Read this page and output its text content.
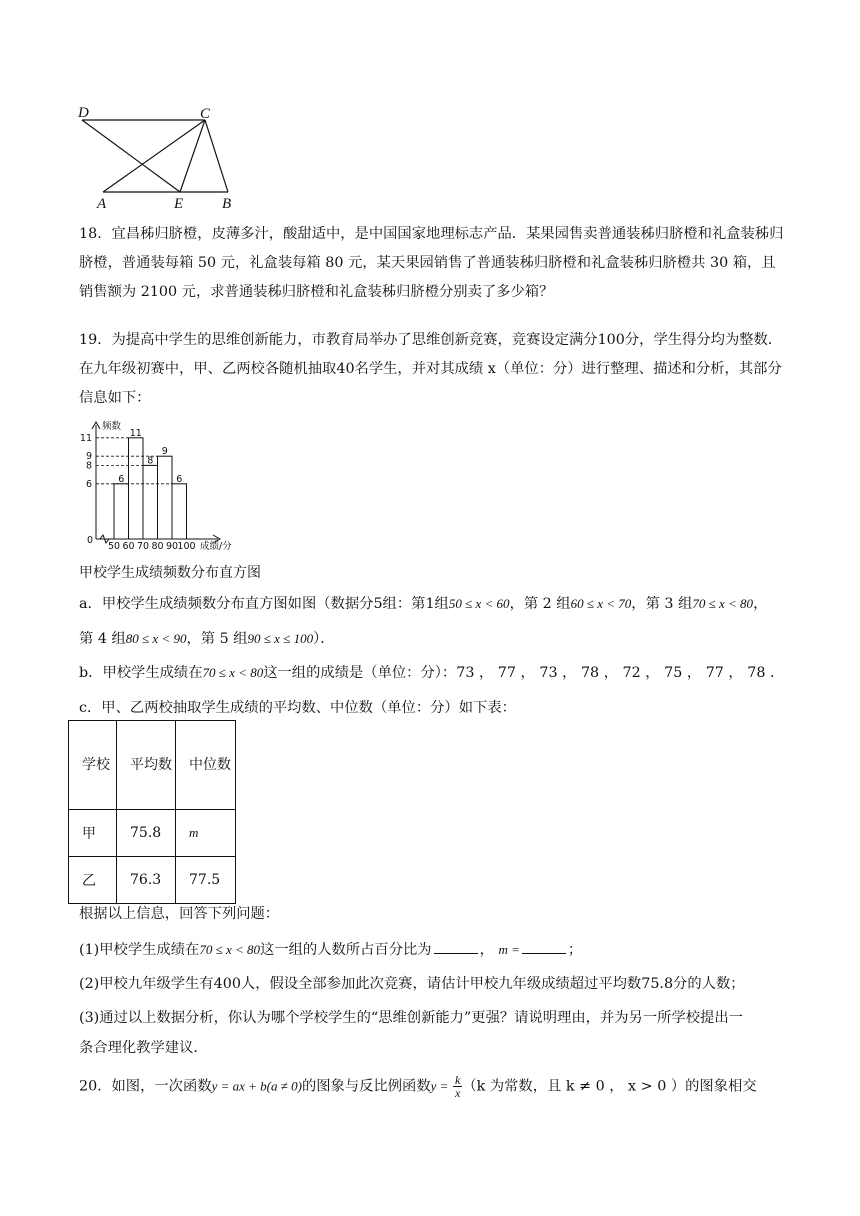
D	C
A	E	B
18．宜昌秭归脐橙，皮薄多汁，酸甜适中，是中国国家地理标志产品．某果园售卖普通装秭归脐橙和礼盒装秭归脐橙，普通装每箱 50 元，礼盒装每箱 80 元，某天果园销售了普通装秭归脐橙和礼盒装秭归脐橙共 30 箱，且销售额为 2100 元，求普通装秭归脐橙和礼盒装秭归脐橙分别卖了多少箱？
19．为提高中学生的思维创新能力，市教育局举办了思维创新竞赛，竞赛设定满分100分，学生得分均为整数．在九年级初赛中，甲、乙两校各随机抽取40名学生，并对其成绩 x（单位：分）进行整理、描述和分析，其部分信息如下：
频数
成绩/分
0
6
11
8
9
6
6
8
9
11
50 60 70 80 90 100
甲校学生成绩频数分布直方图
a．甲校学生成绩频数分布直方图如图（数据分5组：第1组50 ≤ x < 60，第 2 组60 ≤ x < 70，第 3 组70 ≤ x < 80，
第 4 组80 ≤ x < 90，第 5 组90 ≤ x ≤ 100）．
b．甲校学生成绩在70 ≤ x < 80这一组的成绩是（单位：分）：73 ， 77 ， 73 ， 78 ， 72 ， 75 ， 77 ， 78 ．
c．甲、乙两校抽取学生成绩的平均数、中位数（单位：分）如下表：
学校	平均数	中位数
甲	75.8	m
乙	76.3	77.5
根据以上信息，回答下列问题：
(1)甲校学生成绩在70 ≤ x < 80这一组的人数所占百分比为	， m =	；
(2)甲校九年级学生有400人，假设全部参加此次竞赛，请估计甲校九年级成绩超过平均数75.8分的人数；
(3)通过以上数据分析，你认为哪个学校学生的“思维创新能力”更强？请说明理由，并为另一所学校提出一
条合理化教学建议．
20．如图，一次函数y = ax + b(a ≠ 0)的图象与反比例函数$y = \frac{k}{x} (k$ 为常数，且 k ≠ 0 ， x > 0 ）的图象相交
